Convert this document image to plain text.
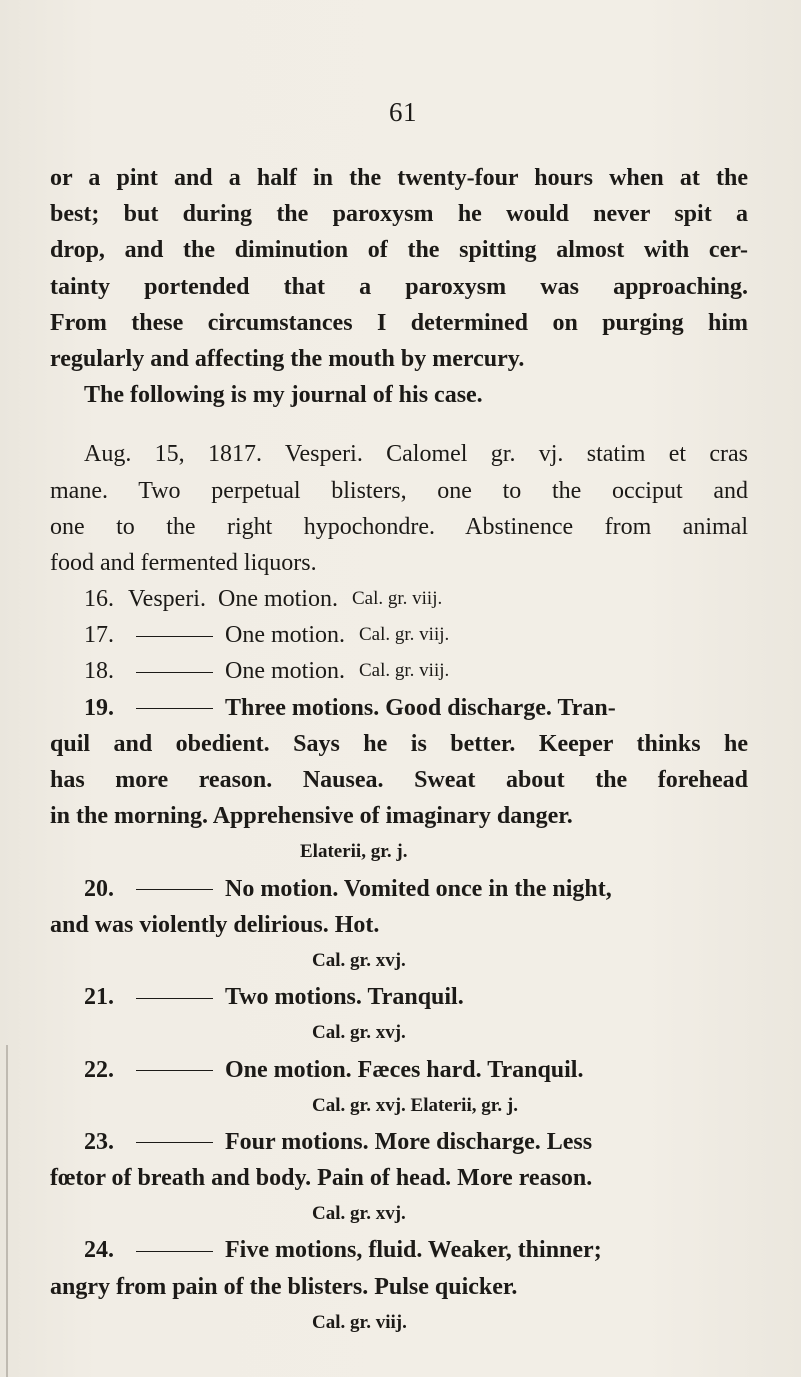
61
or a pint and a half in the twenty-four hours when at the
best; but during the paroxysm he would never spit a
drop, and the diminution of the spitting almost with cer-
tainty portended that a paroxysm was approaching.
From these circumstances I determined on purging him
regularly and affecting the mouth by mercury.
The following is my journal of his case.
Aug. 15, 1817. Vesperi. Calomel gr. vj. statim et cras
mane. Two perpetual blisters, one to the occiput and
one to the right hypochondre. Abstinence from animal
food and fermented liquors.
16. Vesperi. One motion. Cal. gr. viij.
17.	One motion. Cal. gr. viij.
18.	One motion. Cal. gr. viij.
19.	Three motions. Good discharge. Tran-
quil and obedient. Says he is better. Keeper thinks he
has more reason. Nausea. Sweat about the forehead
in the morning. Apprehensive of imaginary danger.
Elaterii, gr. j.
20.	No motion. Vomited once in the night,
and was violently delirious. Hot.
Cal. gr. xvj.
21.	Two motions. Tranquil.
Cal. gr. xvj.
22.	One motion. Fæces hard. Tranquil.
Cal. gr. xvj. Elaterii, gr. j.
23.	Four motions. More discharge. Less
fœtor of breath and body. Pain of head. More reason.
Cal. gr. xvj.
24.	Five motions, fluid. Weaker, thinner;
angry from pain of the blisters. Pulse quicker.
Cal. gr. viij.
